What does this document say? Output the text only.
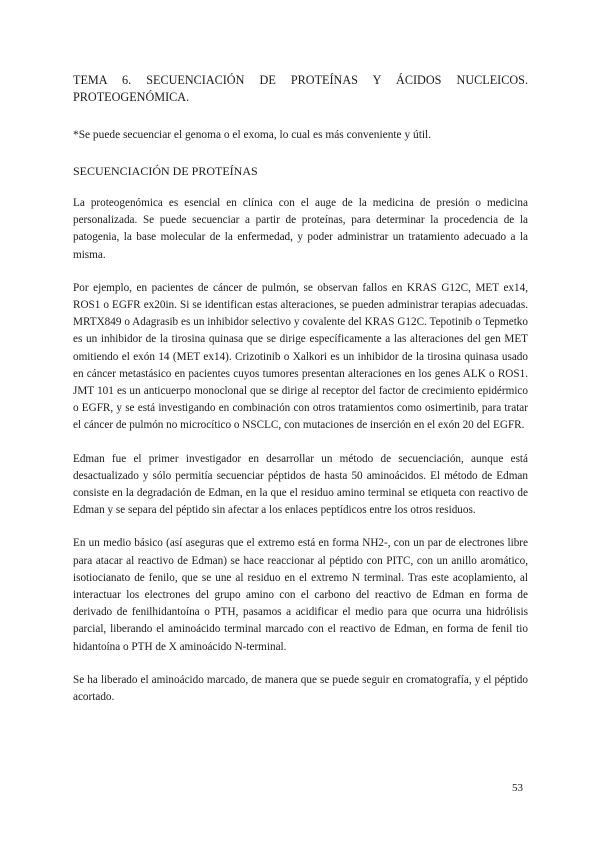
TEMA 6. SECUENCIACIÓN DE PROTEÍNAS Y ÁCIDOS NUCLEICOS. PROTEOGENÓMICA.

*Se puede secuenciar el genoma o el exoma, lo cual es más conveniente y útil.

SECUENCIACIÓN DE PROTEÍNAS

La proteogenómica es esencial en clínica con el auge de la medicina de presión o medicina personalizada. Se puede secuenciar a partir de proteínas, para determinar la procedencia de la patogenia, la base molecular de la enfermedad, y poder administrar un tratamiento adecuado a la misma.

Por ejemplo, en pacientes de cáncer de pulmón, se observan fallos en KRAS G12C, MET ex14, ROS1 o EGFR ex20in. Si se identifican estas alteraciones, se pueden administrar terapias adecuadas. MRTX849 o Adagrasib es un inhibidor selectivo y covalente del KRAS G12C. Tepotinib o Tepmetko es un inhibidor de la tirosina quinasa que se dirige específicamente a las alteraciones del gen MET omitiendo el exón 14 (MET ex14). Crizotinib o Xalkori es un inhibidor de la tirosina quinasa usado en cáncer metastásico en pacientes cuyos tumores presentan alteraciones en los genes ALK o ROS1. JMT 101 es un anticuerpo monoclonal que se dirige al receptor del factor de crecimiento epidérmico o EGFR, y se está investigando en combinación con otros tratamientos como osimertinib, para tratar el cáncer de pulmón no microcítico o NSCLC, con mutaciones de inserción en el exón 20 del EGFR.

Edman fue el primer investigador en desarrollar un método de secuenciación, aunque está desactualizado y sólo permitía secuenciar péptidos de hasta 50 aminoácidos. El método de Edman consiste en la degradación de Edman, en la que el residuo amino terminal se etiqueta con reactivo de Edman y se separa del péptido sin afectar a los enlaces peptídicos entre los otros residuos.

En un medio básico (así aseguras que el extremo está en forma NH2-, con un par de electrones libre para atacar al reactivo de Edman) se hace reaccionar al péptido con PITC, con un anillo aromático, isotiocianato de fenilo, que se une al residuo en el extremo N terminal. Tras este acoplamiento, al interactuar los electrones del grupo amino con el carbono del reactivo de Edman en forma de derivado de fenilhidantoína o PTH, pasamos a acidificar el medio para que ocurra una hidrólisis parcial, liberando el aminoácido terminal marcado con el reactivo de Edman, en forma de fenil tio hidantoína o PTH de X aminoácido N-terminal.

Se ha liberado el aminoácido marcado, de manera que se puede seguir en cromatografía, y el péptido acortado.

53
